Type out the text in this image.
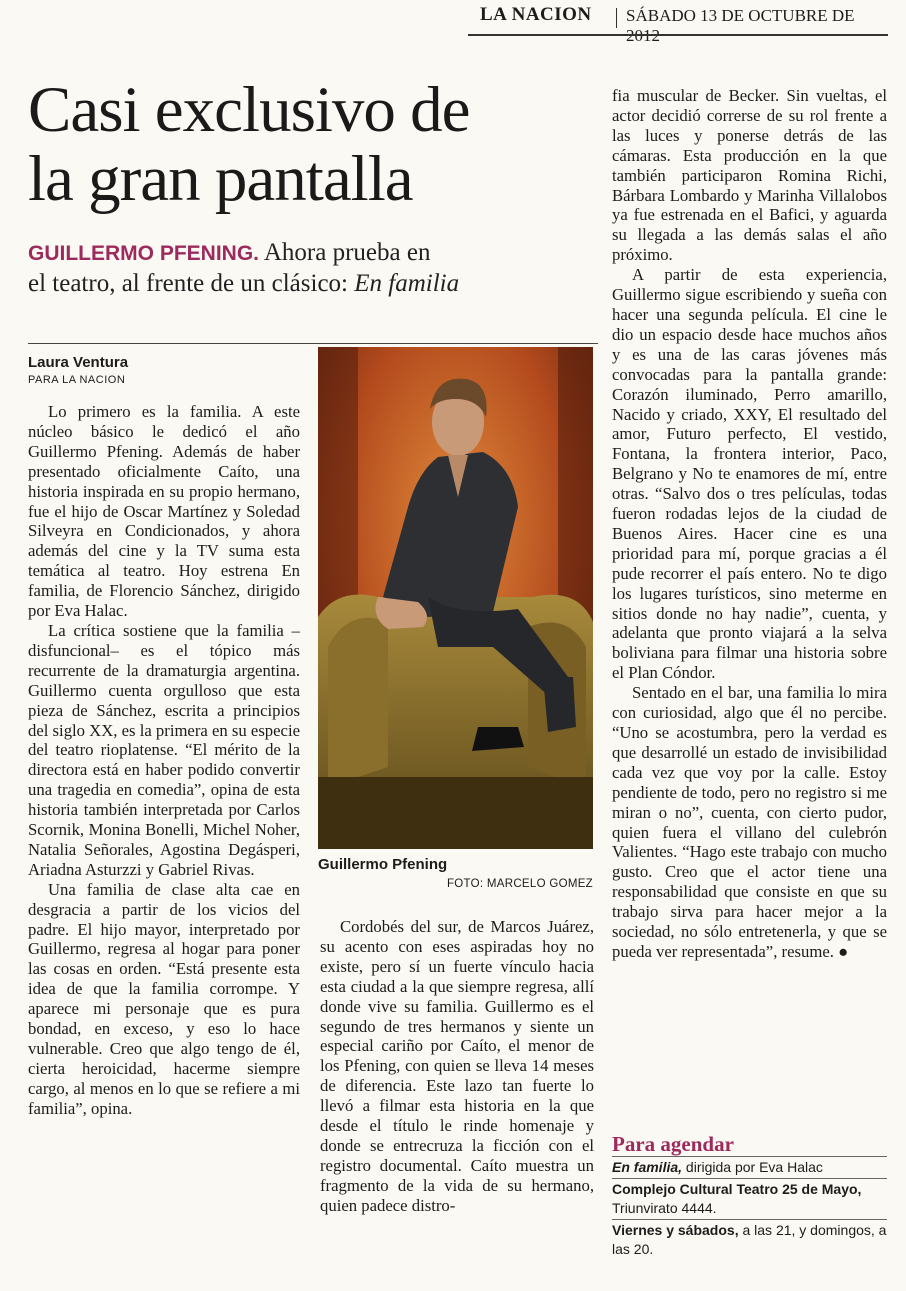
LA NACION SÁBADO 13 DE OCTUBRE DE
Casi exclusivo de
la gran pantalla
GUILLERMO PFENING. Ahora prueba en
el teatro, al frente de un clásico: En familia
Laura Ventura
PARA LA NACION

Lo primero es la familia. A este núcleo básico le dedicó el año Guillermo Pfening. Además de haber presentado oficialmente Caíto, una historia inspirada en su propio hermano, fue el hijo de Oscar Martínez y Soledad Silveyra en Condicionados, y ahora además del cine y la TV suma esta temática al teatro. Hoy estrena En familia, de Florencio Sánchez, dirigido por Eva Halac.

La crítica sostiene que la familia –disfuncional– es el tópico más recurrente de la dramaturgia argentina. Guillermo cuenta orgulloso que esta pieza de Sánchez, escrita a principios del siglo XX, es la primera en su especie del teatro rioplatense. “El mérito de la directora está en haber podido convertir una tragedia en comedia”, opina de esta historia también interpretada por Carlos Scornik, Monina Bonelli, Michel Noher, Natalia Señorales, Agostina Degásperi, Ariadna Asturzzi y Gabriel Rivas.

Una familia de clase alta cae en desgracia a partir de los vicios del padre. El hijo mayor, interpretado por Guillermo, regresa al hogar para poner las cosas en orden. “Está presente esta idea de que la familia corrompe. Y aparece mi personaje que es pura bondad, en exceso, y eso lo hace vulnerable. Creo que algo tengo de él, cierta heroicidad, hacerme siempre cargo, al menos en lo que se refiere a mi familia”, opina.

Guillermo Pfening
FOTO: MARCELO GOMEZ

Cordobés del sur, de Marcos Juárez, su acento con eses aspiradas hoy no existe, pero sí un fuerte vínculo hacia esta ciudad a la que siempre regresa, allí donde vive su familia. Guillermo es el segundo de tres hermanos y siente un especial cariño por Caíto, el menor de los Pfening, con quien se lleva 14 meses de diferencia. Este lazo tan fuerte lo llevó a filmar esta historia en la que desde el título le rinde homenaje y donde se entrecruza la ficción con el registro documental. Caíto muestra un fragmento de la vida de su hermano, quien padece distro-

fia muscular de Becker. Sin vueltas, el actor decidió correrse de su rol frente a las luces y ponerse detrás de las cámaras. Esta producción en la que también participaron Romina Richi, Bárbara Lombardo y Marinha Villalobos ya fue estrenada en el Bafici, y aguarda su llegada a las demás salas el año próximo.

A partir de esta experiencia, Guillermo sigue escribiendo y sueña con hacer una segunda película. El cine le dio un espacio desde hace muchos años y es una de las caras jóvenes más convocadas para la pantalla grande: Corazón iluminado, Perro amarillo, Nacido y criado, XXY, El resultado del amor, Futuro perfecto, El vestido, Fontana, la frontera interior, Paco, Belgrano y No te enamores de mí, entre otras. “Salvo dos o tres películas, todas fueron rodadas lejos de la ciudad de Buenos Aires. Hacer cine es una prioridad para mí, porque gracias a él pude recorrer el país entero. No te digo los lugares turísticos, sino meterme en sitios donde no hay nadie”, cuenta, y adelanta que pronto viajará a la selva boliviana para filmar una historia sobre el Plan Cóndor.

Sentado en el bar, una familia lo mira con curiosidad, algo que él no percibe. “Uno se acostumbra, pero la verdad es que desarrollé un estado de invisibilidad cada vez que voy por la calle. Estoy pendiente de todo, pero no registro si me miran o no”, cuenta, con cierto pudor, quien fuera el villano del culebrón Valientes. “Hago este trabajo con mucho gusto. Creo que el actor tiene una responsabilidad que consiste en que su trabajo sirva para hacer mejor a la sociedad, no sólo entretenerla, y que se pueda ver representada”, resume. ●

Para agendar
En familia, dirigida por Eva Halac
Complejo Cultural Teatro 25 de Mayo, Triunvirato 4444.
Viernes y sábados, a las 21, y domingos, a las 20.
